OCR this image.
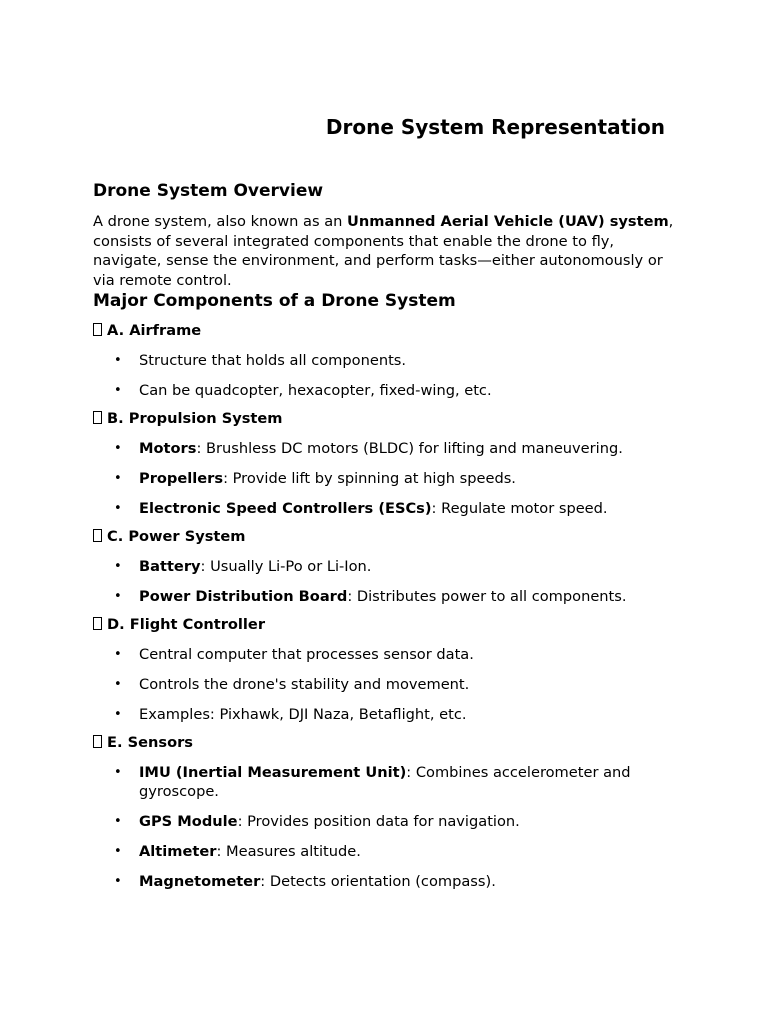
Drone System Representation
Drone System Overview

A drone system, also known as an Unmanned Aerial Vehicle (UAV) system, consists of several integrated components that enable the drone to fly, navigate, sense the environment, and perform tasks—either autonomously or via remote control.

Major Components of a Drone System

A. Airframe

• Structure that holds all components.
• Can be quadcopter, hexacopter, fixed-wing, etc.

B. Propulsion System

• Motors: Brushless DC motors (BLDC) for lifting and maneuvering.
• Propellers: Provide lift by spinning at high speeds.
• Electronic Speed Controllers (ESCs): Regulate motor speed.

C. Power System

• Battery: Usually Li-Po or Li-Ion.
• Power Distribution Board: Distributes power to all components.

D. Flight Controller

• Central computer that processes sensor data.
• Controls the drone's stability and movement.
• Examples: Pixhawk, DJI Naza, Betaflight, etc.

E. Sensors

• IMU (Inertial Measurement Unit): Combines accelerometer and gyroscope.
• GPS Module: Provides position data for navigation.
• Altimeter: Measures altitude.
• Magnetometer: Detects orientation (compass).
